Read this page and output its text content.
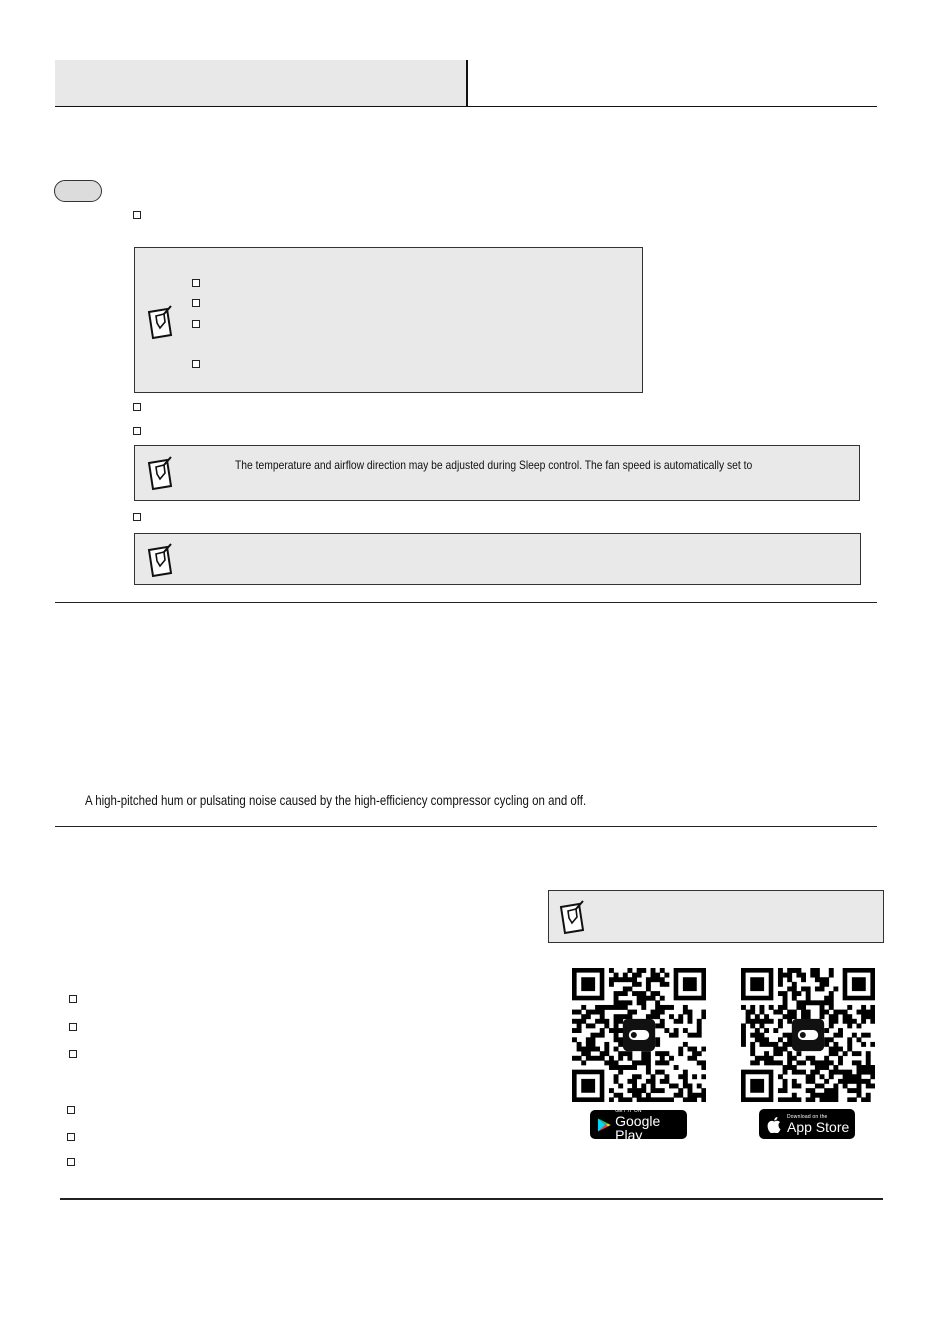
The temperature and airflow direction may be adjusted during Sleep control. The fan speed is automatically set to
A high-pitched hum or pulsating noise caused by the high-efficiency compressor cycling on and off.
GET IT ON
Google Play
Download on the
App Store
